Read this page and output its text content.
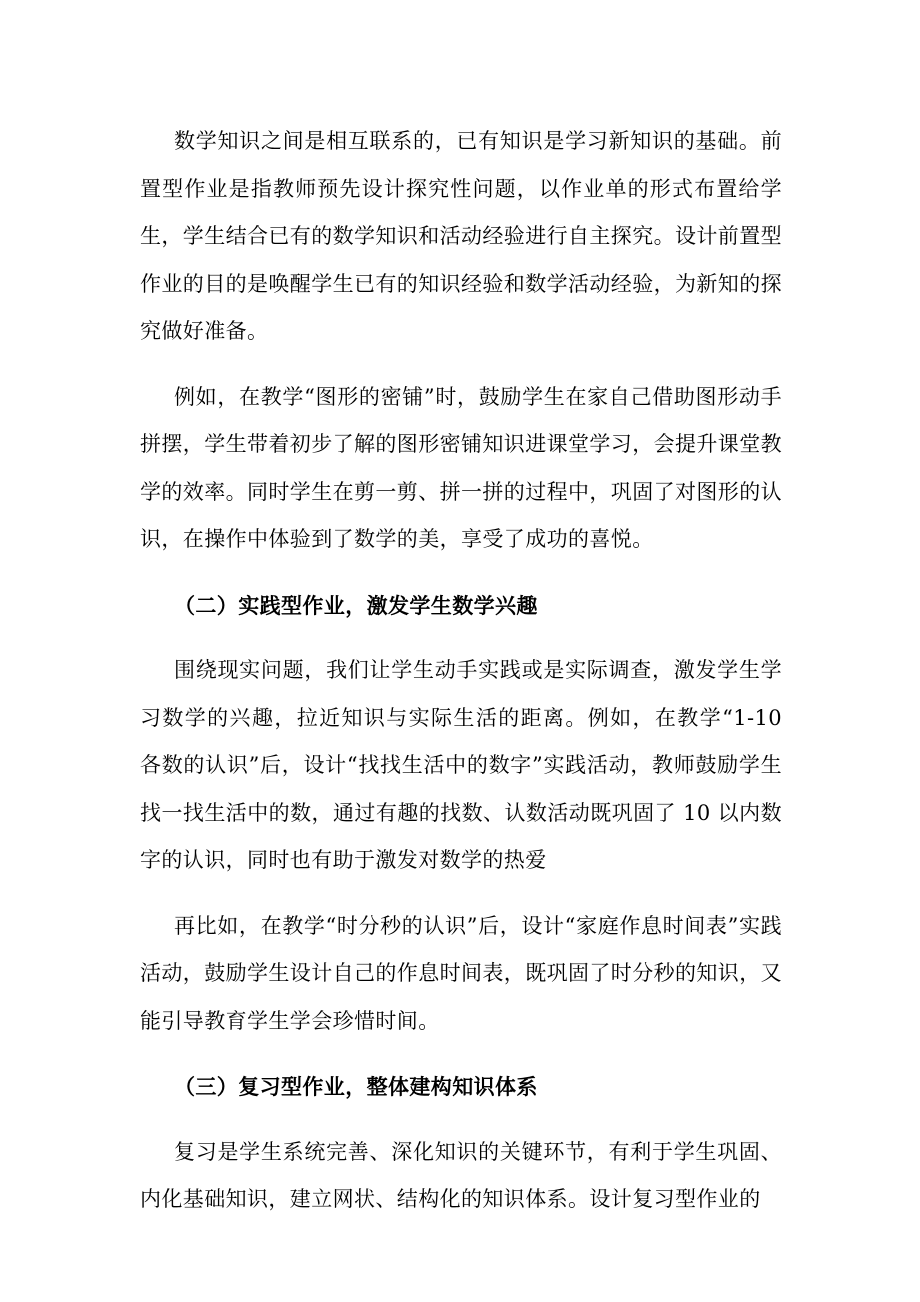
数学知识之间是相互联系的，已有知识是学习新知识的基础。前置型作业是指教师预先设计探究性问题，以作业单的形式布置给学生，学生结合已有的数学知识和活动经验进行自主探究。设计前置型作业的目的是唤醒学生已有的知识经验和数学活动经验，为新知的探究做好准备。

例如，在教学“图形的密铺”时，鼓励学生在家自己借助图形动手拼摆，学生带着初步了解的图形密铺知识进课堂学习，会提升课堂教学的效率。同时学生在剪一剪、拼一拼的过程中，巩固了对图形的认识，在操作中体验到了数学的美，享受了成功的喜悦。

（二）实践型作业，激发学生数学兴趣

围绕现实问题，我们让学生动手实践或是实际调查，激发学生学习数学的兴趣，拉近知识与实际生活的距离。例如，在教学“1-10 各数的认识”后，设计“找找生活中的数字”实践活动，教师鼓励学生找一找生活中的数，通过有趣的找数、认数活动既巩固了 10 以内数字的认识，同时也有助于激发对数学的热爱

再比如，在教学“时分秒的认识”后，设计“家庭作息时间表”实践活动，鼓励学生设计自己的作息时间表，既巩固了时分秒的知识，又能引导教育学生学会珍惜时间。

（三）复习型作业，整体建构知识体系

复习是学生系统完善、深化知识的关键环节，有利于学生巩固、内化基础知识，建立网状、结构化的知识体系。设计复习型作业的
